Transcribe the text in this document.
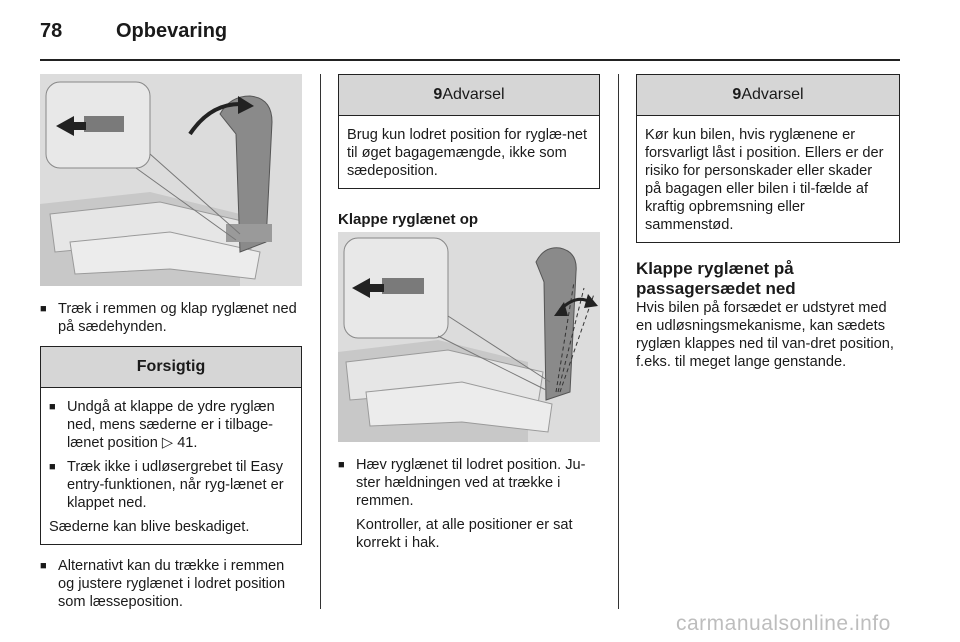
78	Opbevaring
■ Træk i remmen og klap ryglænet ned på sædehynden.
Forsigtig
■ Undgå at klappe de ydre ryglæn ned, mens sæderne er i tilbage-lænet position ▷ 41.
■ Træk ikke i udløsergrebet til Easy entry-funktionen, når ryg-lænet er klappet ned.
Sæderne kan blive beskadiget.
■ Alternativt kan du trække i remmen og justere ryglænet i lodret position som læsseposition.
9Advarsel
Brug kun lodret position for ryglæ-net til øget bagagemængde, ikke som sædeposition.
Klappe ryglænet op
■ Hæv ryglænet til lodret position. Ju-ster hældningen ved at trække i remmen.
Kontroller, at alle positioner er sat korrekt i hak.
9Advarsel
Kør kun bilen, hvis ryglænene er forsvarligt låst i position. Ellers er der risiko for personskader eller skader på bagagen eller bilen i til-fælde af kraftig opbremsning eller sammenstød.
Klappe ryglænet på passagersædet ned
Hvis bilen på forsædet er udstyret med en udløsningsmekanisme, kan sædets ryglæn klappes ned til van-dret position, f.eks. til meget lange genstande.
carmanualsonline.info
